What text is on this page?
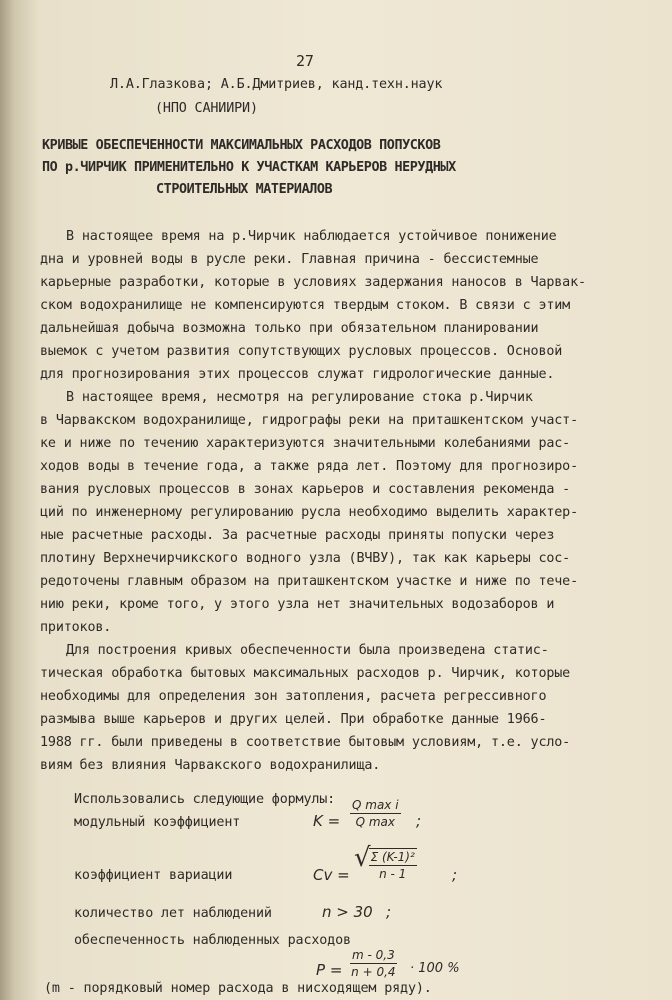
27
Л.А.Глазкова; А.Б.Дмитриев, канд.техн.наук
(НПО САНИИРИ)
КРИВЫЕ ОБЕСПЕЧЕННОСТИ МАКСИМАЛЬНЫХ РАСХОДОВ ПОПУСКОВ
ПО р.ЧИРЧИК ПРИМЕНИТЕЛЬНО К УЧАСТКАМ КАРЬЕРОВ НЕРУДНЫХ
СТРОИТЕЛЬНЫХ МАТЕРИАЛОВ
В настоящее время на р.Чирчик наблюдается устойчивое понижение
дна и уровней воды в русле реки. Главная причина - бессистемные
карьерные разработки, которые в условиях задержания наносов в Чарвак-
ском водохранилище не компенсируются твердым стоком. В связи с этим
дальнейшая добыча возможна только при обязательном планировании
выемок с учетом развития сопутствующих русловых процессов. Основой
для прогнозирования этих процессов служат гидрологические данные.
В настоящее время, несмотря на регулирование стока р.Чирчик
в Чарвакском водохранилище, гидрографы реки на приташкентском участ-
ке и ниже по течению характеризуются значительными колебаниями рас-
ходов воды в течение года, а также ряда лет. Поэтому для прогнозиро-
вания русловых процессов в зонах карьеров и составления рекоменда -
ций по инженерному регулированию русла необходимо выделить характер-
ные расчетные расходы. За расчетные расходы приняты попуски через
плотину Верхнечирчикского водного узла (ВЧВУ), так как карьеры сос-
редоточены главным образом на приташкентском участке и ниже по тече-
нию реки, кроме того, у этого узла нет значительных водозаборов и
притоков.
Для построения кривых обеспеченности была произведена статис-
тическая обработка бытовых максимальных расходов р. Чирчик, которые
необходимы для определения зон затопления, расчета регрессивного
размыва выше карьеров и других целей. При обработке данные 1966-
1988 гг. были приведены в соответствие бытовым условиям, т.е. усло-
виям без влияния Чарвакского водохранилища.
Использовались следующие формулы:
модульный коэффициент	K =
Q max i
Q max ;
коэффициент вариации	Cv =
√
$\frac{\text{Σ (K-1)²}}{n - 1}$ ;
количество лет наблюдений	n > 30 ;
обеспеченность наблюденных расходов
$P = \frac{m - 0,3}{n + 0,4} \cdot 100$ %
(m - порядковый номер расхода в нисходящем ряду).
